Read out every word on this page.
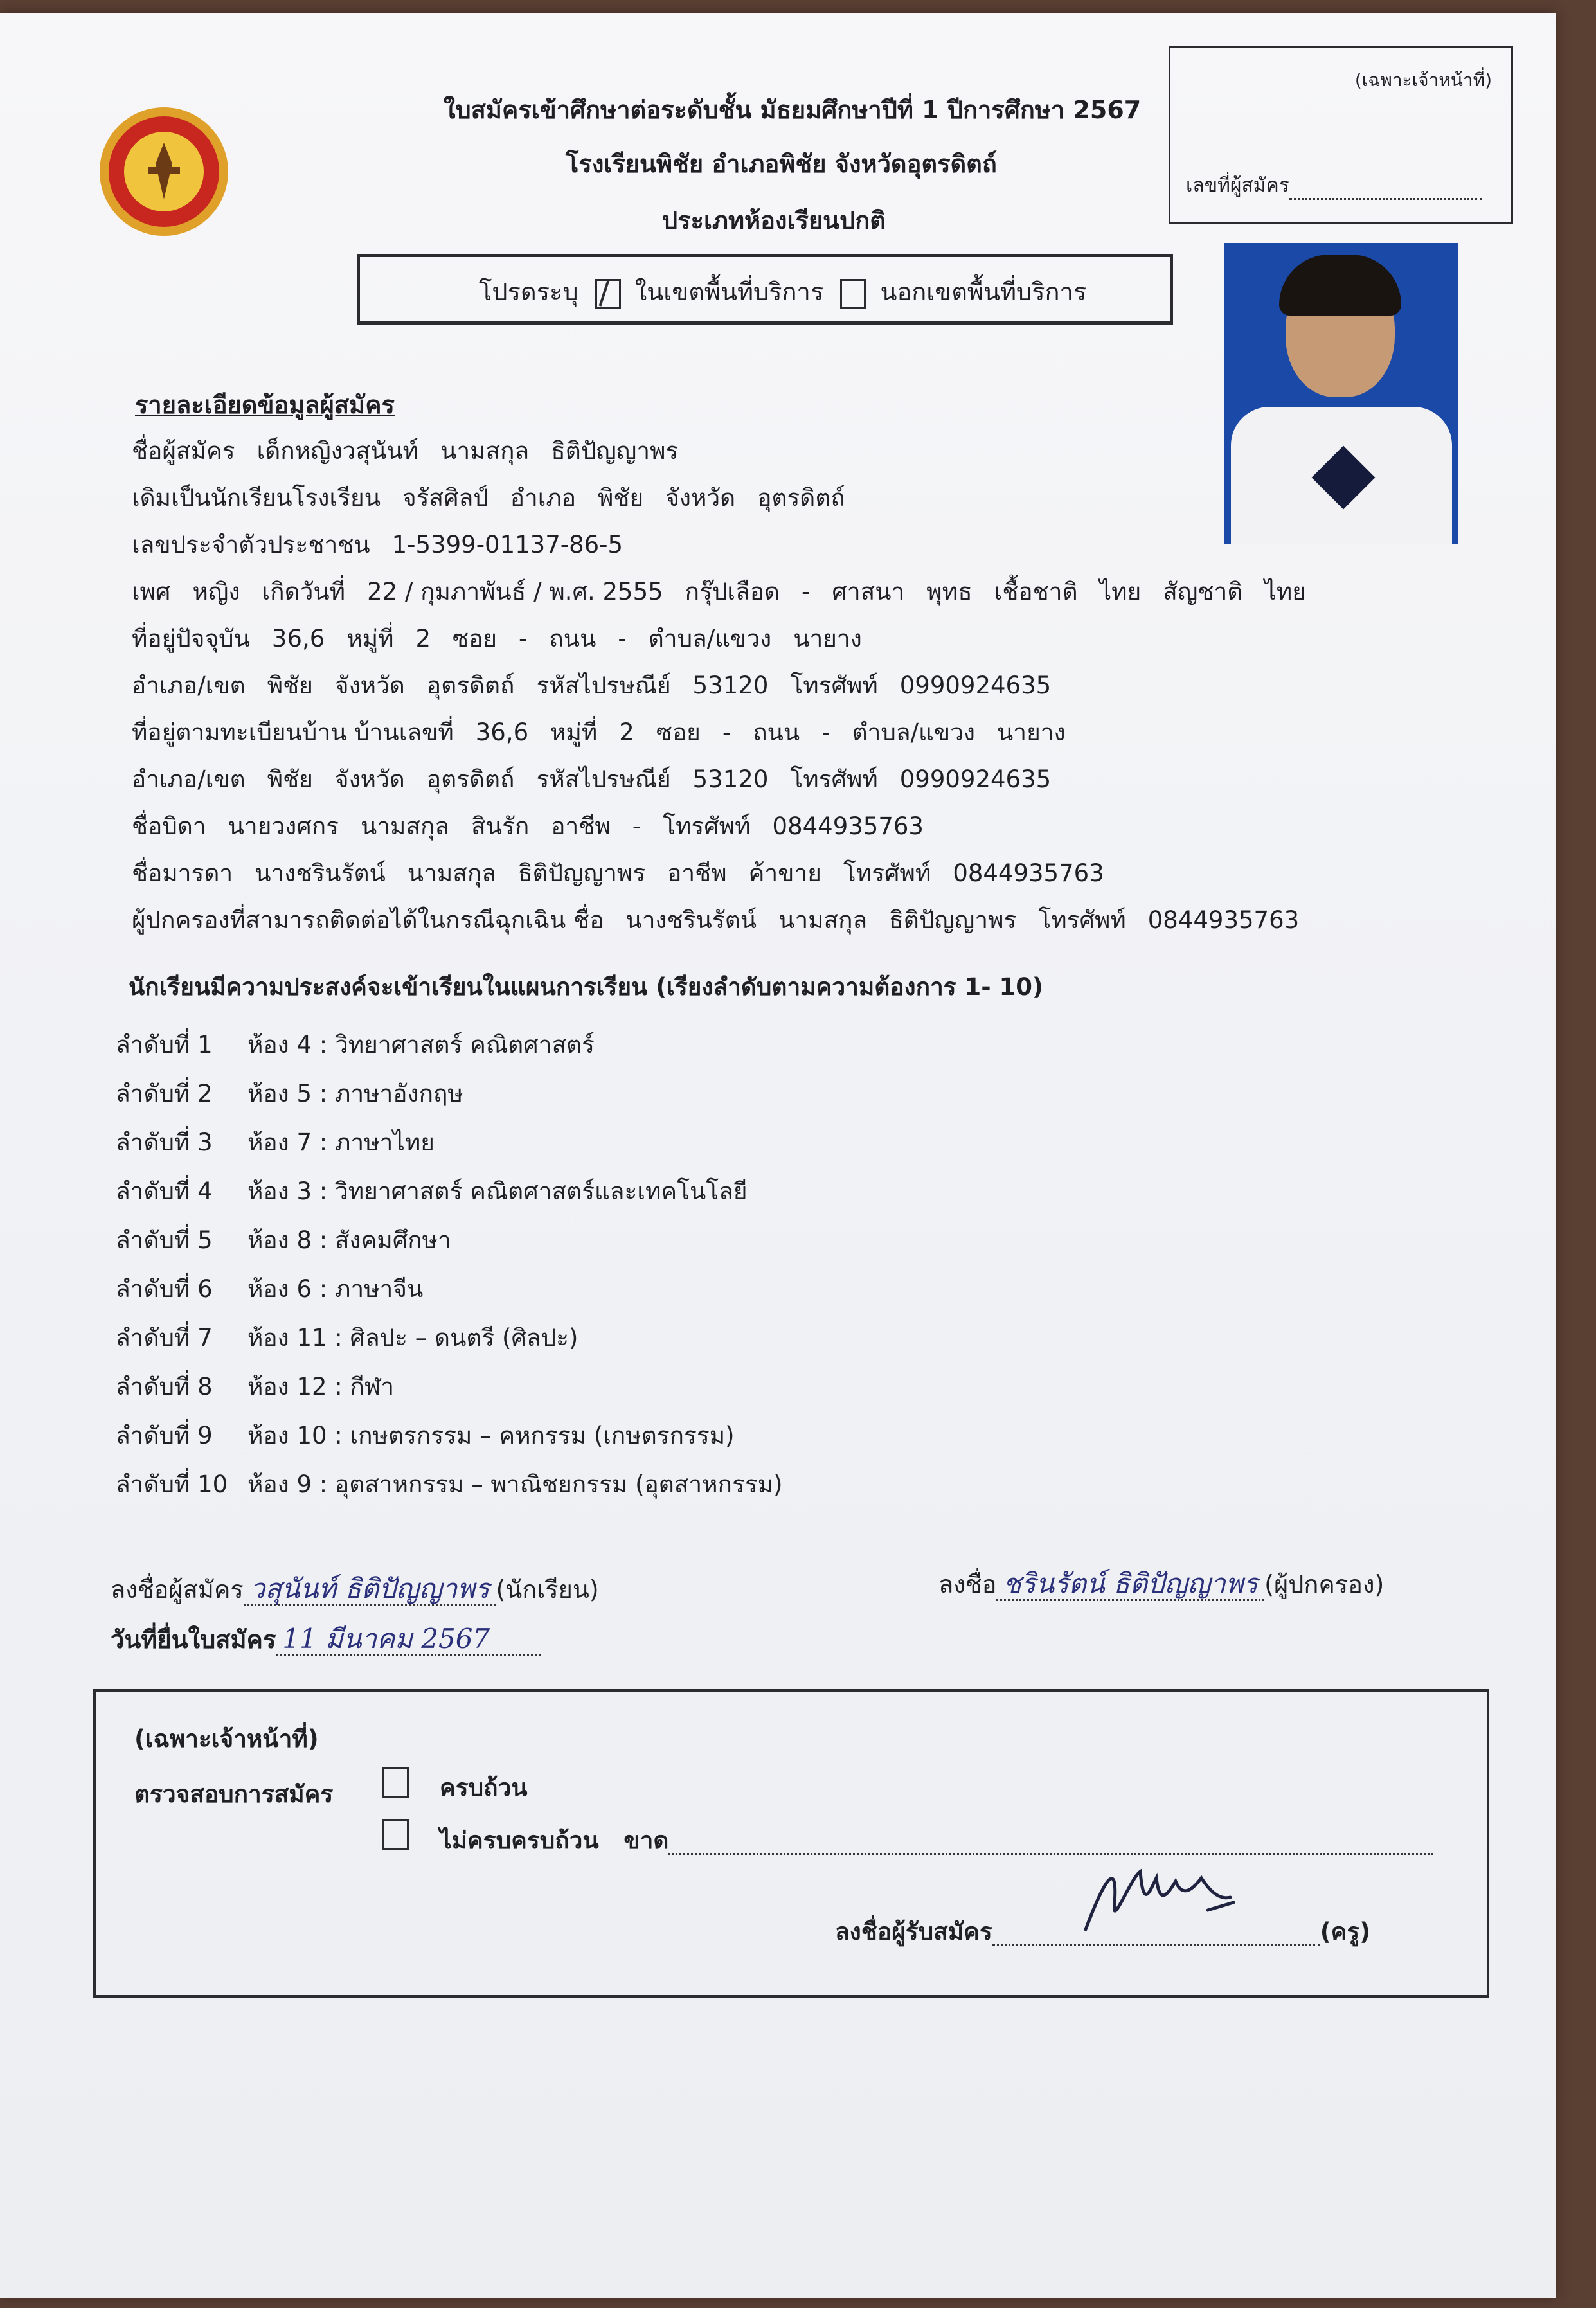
ใบสมัครเข้าศึกษาต่อระดับชั้น มัธยมศึกษาปีที่ 1 ปีการศึกษา 2567
โรงเรียนพิชัย อำเภอพิชัย จังหวัดอุตรดิตถ์
ประเภทห้องเรียนปกติ
(เฉพาะเจ้าหน้าที่)
เลขที่ผู้สมัคร
โปรดระบุ ในเขตพื้นที่บริการ นอกเขตพื้นที่บริการ
รายละเอียดข้อมูลผู้สมัคร
ชื่อผู้สมัคร เด็กหญิงวสุนันท์ นามสกุล ธิติปัญญาพร
เดิมเป็นนักเรียนโรงเรียน จรัสศิลป์ อำเภอ พิชัย จังหวัด อุตรดิตถ์
เลขประจำตัวประชาชน 1-5399-01137-86-5
เพศ หญิง เกิดวันที่ 22 / กุมภาพันธ์ / พ.ศ. 2555 กรุ๊ปเลือด - ศาสนา พุทธ เชื้อชาติ ไทย สัญชาติ ไทย
ที่อยู่ปัจจุบัน 36,6 หมู่ที่ 2 ซอย - ถนน - ตำบล/แขวง นายาง
อำเภอ/เขต พิชัย จังหวัด อุตรดิตถ์ รหัสไปรษณีย์ 53120 โทรศัพท์ 0990924635
ที่อยู่ตามทะเบียนบ้าน บ้านเลขที่ 36,6 หมู่ที่ 2 ซอย - ถนน - ตำบล/แขวง นายาง
อำเภอ/เขต พิชัย จังหวัด อุตรดิตถ์ รหัสไปรษณีย์ 53120 โทรศัพท์ 0990924635
ชื่อบิดา นายวงศกร นามสกุล สินรัก อาชีพ - โทรศัพท์ 0844935763
ชื่อมารดา นางชรินรัตน์ นามสกุล ธิติปัญญาพร อาชีพ ค้าขาย โทรศัพท์ 0844935763
ผู้ปกครองที่สามารถติดต่อได้ในกรณีฉุกเฉิน ชื่อ นางชรินรัตน์ นามสกุล ธิติปัญญาพร โทรศัพท์ 0844935763
นักเรียนมีความประสงค์จะเข้าเรียนในแผนการเรียน (เรียงลำดับตามความต้องการ 1- 10)
ลำดับที่ 1 ห้อง 4 : วิทยาศาสตร์ คณิตศาสตร์
ลำดับที่ 2 ห้อง 5 : ภาษาอังกฤษ
ลำดับที่ 3 ห้อง 7 : ภาษาไทย
ลำดับที่ 4 ห้อง 3 : วิทยาศาสตร์ คณิตศาสตร์และเทคโนโลยี
ลำดับที่ 5 ห้อง 8 : สังคมศึกษา
ลำดับที่ 6 ห้อง 6 : ภาษาจีน
ลำดับที่ 7 ห้อง 11 : ศิลปะ – ดนตรี (ศิลปะ)
ลำดับที่ 8 ห้อง 12 : กีฬา
ลำดับที่ 9 ห้อง 10 : เกษตรกรรม – คหกรรม (เกษตรกรรม)
ลำดับที่ 10 ห้อง 9 : อุตสาหกรรม – พาณิชยกรรม (อุตสาหกรรม)
ลงชื่อผู้สมัคร วสุนันท์ ธิติปัญญาพร (นักเรียน)	ลงชื่อ ชรินรัตน์ ธิติปัญญาพร (ผู้ปกครอง)
วันที่ยื่นใบสมัคร 11 มีนาคม 2567
(เฉพาะเจ้าหน้าที่)
ตรวจสอบการสมัคร	ครบถ้วน
ไม่ครบครบถ้วน ขาด
ลงชื่อผู้รับสมัคร	(ครู)
